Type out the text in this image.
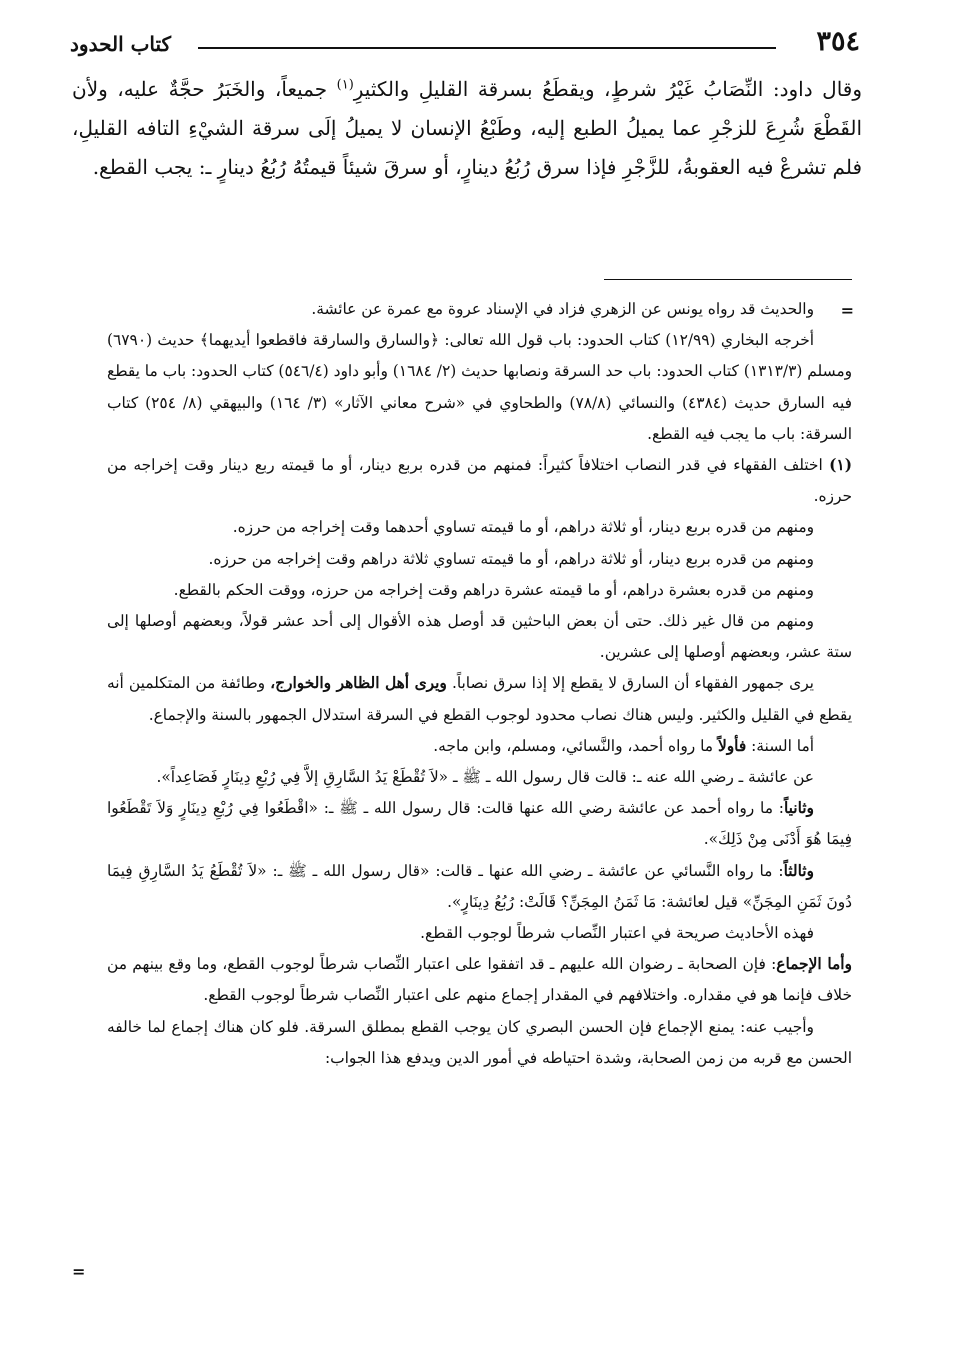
٣٥٤
كتاب الحدود

وقال داود: النِّصَابُ غَيْرُ شرطٍ، ويقطَعُ بسرقة القليلِ والكثيرِ$^{(١)}$ جميعاً، والخَبَرُ حجَّةٌ عليه، ولأن القَطْعَ شُرِعَ للزجْرِ عما يميلُ الطبع إليه، وطَبْعُ الإنسان لا يميلُ إلَى سرقة الشيْءِ التافه القليلِ، فلم تشرعْ فيه العقوبةُ، للزَّجْرِ فإذا سرق رُبُعُ دينارٍ، أو سرقَ شيئاً قيمتُهُ رُبُعُ دينارٍ ـ: يجب القطع.

=

والحديث قد رواه يونس عن الزهري فزاد في الإسناد عروة مع عمرة عن عائشة.

أخرجه البخاري (١٢/٩٩) كتاب الحدود: باب قول الله تعالى: ﴿والسارق والسارقة فاقطعوا أيديهما﴾ حديث (٦٧٩٠) ومسلم (١٣١٣/٣) كتاب الحدود: باب حد السرقة ونصابها حديث (٢/ ١٦٨٤) وأبو داود (٥٤٦/٤) كتاب الحدود: باب ما يقطع فيه السارق حديث (٤٣٨٤) والنسائي (٧٨/٨) والطحاوي في «شرح معاني الآثار» (٣/ ١٦٤) والبيهقي (٨/ ٢٥٤) كتاب السرقة: باب ما يجب فيه القطع.

(١) اختلف الفقهاء في قدر النصاب اختلافاً كثيراً: فمنهم من قدره بربع دينار، أو ما قيمته ربع دينار وقت إخراجه من حرزه.

ومنهم من قدره بربع دينار، أو ثلاثة دراهم، أو ما قيمته تساوي أحدهما وقت إخراجه من حرزه.

ومنهم من قدره بربع دينار، أو ثلاثة دراهم، أو ما قيمته تساوي ثلاثة دراهم وقت إخراجه من حرزه.

ومنهم من قدره بعشرة دراهم، أو ما قيمته عشرة دراهم وقت إخراجه من حرزه، ووقت الحكم بالقطع.

ومنهم من قال غير ذلك. حتى أن بعض الباحثين قد أوصل هذه الأقوال إلى أحد عشر قولاً، وبعضهم أوصلها إلى ستة عشر، وبعضهم أوصلها إلى عشرين.

يرى جمهور الفقهاء أن السارق لا يقطع إلا إذا سرق نصاباً. ويرى أهل الظاهر والخوارج، وطائفة من المتكلمين أنه يقطع في القليل والكثير. وليس هناك نصاب محدود لوجوب القطع في السرقة استدلال الجمهور بالسنة والإجماع.

أما السنة: فأولاً ما رواه أحمد، والنَّسائي، ومسلم، وابن ماجه.

عن عائشة ـ رضي الله عنه ـ: قالت قال رسول الله ـ ﷺ ـ «لاَ تُقْطَعْ يَدُ السَّارِقِ إلاَّ فِي رُبْعِ دِينَارٍ فَصَاعِداً».

وثانياً: ما رواه أحمد عن عائشة رضي الله عنها قالت: قال رسول الله ـ ﷺ ـ: «اقْطَعُوا فِي رُبْعِ دِينَارٍ وَلاَ تَقْطَعُوا فِيمَا هُوَ أَدْنَى مِنْ ذَلِكَ».

وثالثاً: ما رواه النَّسائي عن عائشة ـ رضي الله عنها ـ قالت: «قال رسول الله ـ ﷺ ـ: «لاَ تُقْطَعُ يَدُ السَّارِقِ فِيمَا دُونَ ثَمَنِ المِجَنِّ» قيل لعائشة: مَا ثَمَنُ المِجَنِّ؟ قَالَتْ: رُبُعُ دِينَارٍ».

فهذه الأحاديث صريحة في اعتبار النِّصاب شرطاً لوجوب القطع.

وأما الإجماع: فإن الصحابة ـ رضوان الله عليهم ـ قد اتفقوا على اعتبار النِّصاب شرطاً لوجوب القطع، وما وقع بينهم من خلاف فإنما هو في مقداره. واختلافهم في المقدار إجماع منهم على اعتبار النِّصاب شرطاً لوجوب القطع.

وأجيب عنه: يمنع الإجماع فإن الحسن البصري كان يوجب القطع بمطلق السرقة. فلو كان هناك إجماع لما خالفه الحسن مع قربه من زمن الصحابة، وشدة احتياطه في أمور الدين ويدفع هذا الجواب:

=
